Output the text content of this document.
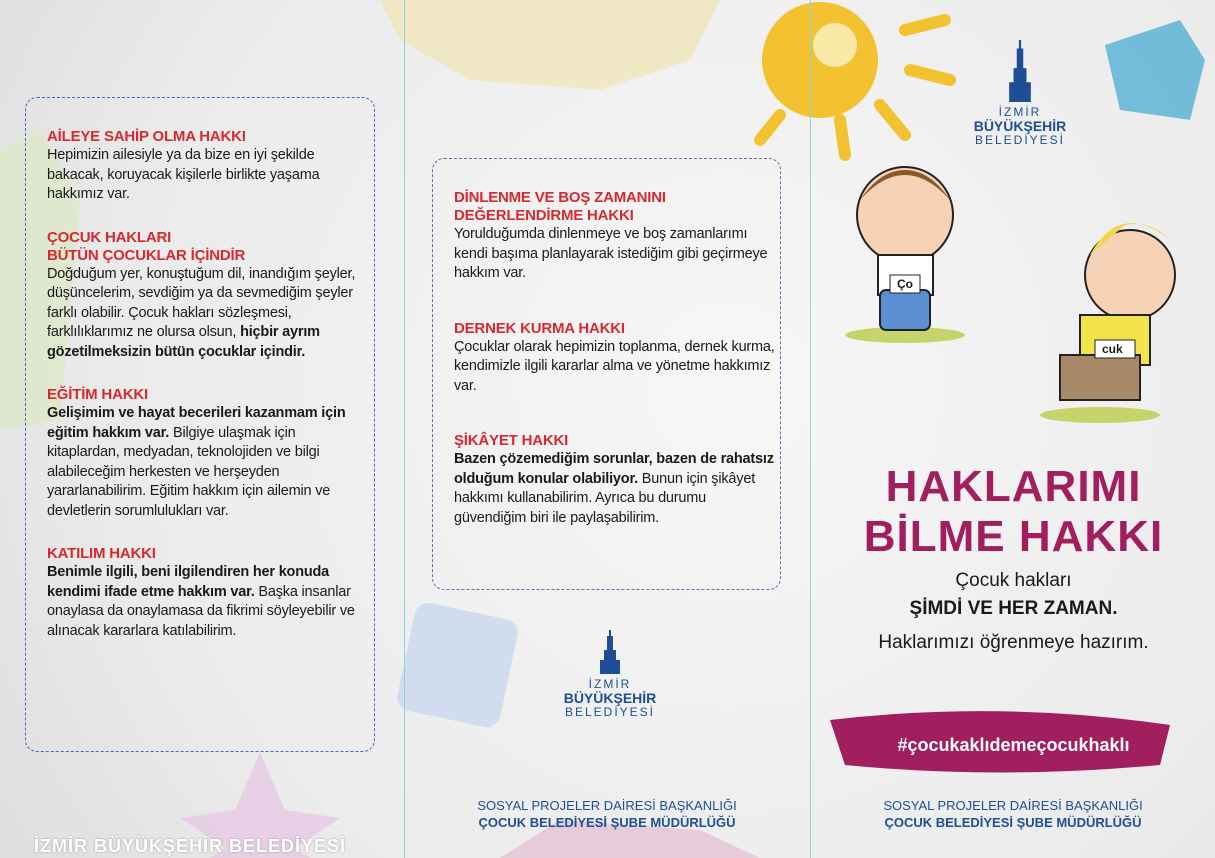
Ço
cuk
AİLEYE SAHİP OLMA HAKKI
Hepimizin ailesiyle ya da bize en iyi şekilde bakacak, koruyacak kişilerle birlikte yaşama hakkımız var.
ÇOCUK HAKLARI
BÜTÜN ÇOCUKLAR İÇİNDİR
Doğduğum yer, konuştuğum dil, inandığım şeyler, düşüncelerim, sevdiğim ya da sevmediğim şeyler farklı olabilir. Çocuk hakları sözleşmesi, farklılıklarımız ne olursa olsun, hiçbir ayrım gözetilmeksizin bütün çocuklar içindir.
EĞİTİM HAKKI
Gelişimim ve hayat becerileri kazanmam için eğitim hakkım var. Bilgiye ulaşmak için kitaplardan, medyadan, teknolojiden ve bilgi alabileceğim herkesten ve herşeyden yararlanabilirim. Eğitim hakkım için ailemin ve devletlerin sorumlulukları var.
KATILIM HAKKI
Benimle ilgili, beni ilgilendiren her konuda kendimi ifade etme hakkım var. Başka insanlar onaylasa da onaylamasa da fikrimi söyleyebilir ve alınacak kararlara katılabilirim.
İZMİR BÜYÜKŞEHİR BELEDİYESİ
DİNLENME VE BOŞ ZAMANINI
DEĞERLENDİRME HAKKI
Yorulduğumda dinlenmeye ve boş zamanlarımı kendi başıma planlayarak istediğim gibi geçirmeye hakkım var.
DERNEK KURMA HAKKI
Çocuklar olarak hepimizin toplanma, dernek kurma, kendimizle ilgili kararlar alma ve yönetme hakkımız var.
ŞİKÂYET HAKKI
Bazen çözemediğim sorunlar, bazen de rahatsız olduğum konular olabiliyor. Bunun için şikâyet hakkımı kullanabilirim. Ayrıca bu durumu güvendiğim biri ile paylaşabilirim.
İZMİR
BÜYÜKŞEHİR
BELEDİYESİ
SOSYAL PROJELER DAİRESİ BAŞKANLIĞI
ÇOCUK BELEDİYESİ ŞUBE MÜDÜRLÜĞÜ
İZMİR
BÜYÜKŞEHİR
BELEDİYESİ
HAKLARIMI
BİLME HAKKI
Çocuk hakları
ŞİMDİ VE HER ZAMAN.
Haklarımızı öğrenmeye hazırım.
#çocukaklıdemeçocukhaklı
SOSYAL PROJELER DAİRESİ BAŞKANLIĞI
ÇOCUK BELEDİYESİ ŞUBE MÜDÜRLÜĞÜ
